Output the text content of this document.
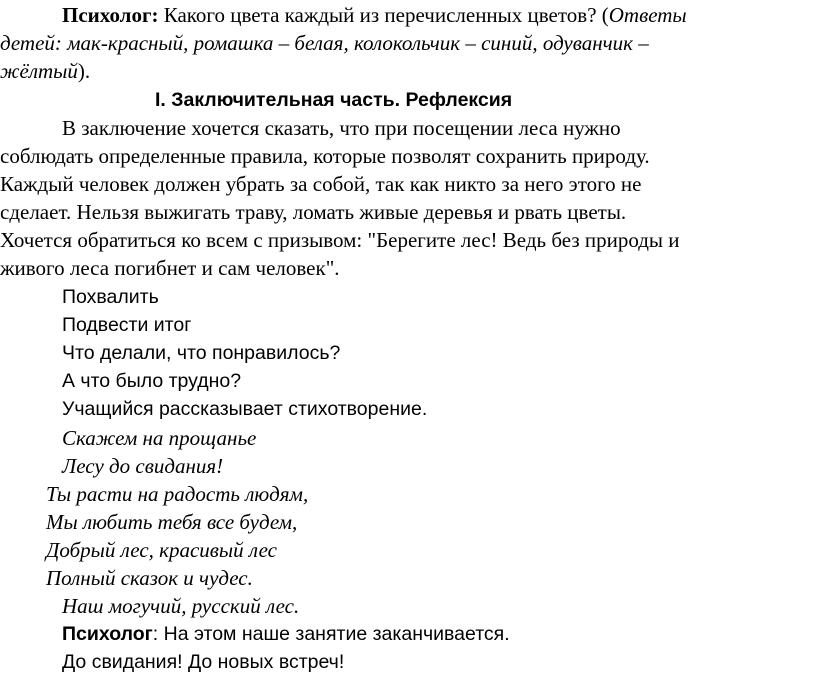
Психолог: Какого цвета каждый из перечисленных цветов? (Ответы
детей: мак-красный, ромашка – белая, колокольчик – синий, одуванчик –
жёлтый).
I. Заключительная часть. Рефлексия
В заключение хочется сказать, что при посещении леса нужно
соблюдать определенные правила, которые позволят сохранить природу.
Каждый человек должен убрать за собой, так как никто за него этого не
сделает. Нельзя выжигать траву, ломать живые деревья и рвать цветы.
Хочется обратиться ко всем с призывом: "Берегите лес! Ведь без природы и
живого леса погибнет и сам человек".
Похвалить
Подвести итог
Что делали, что понравилось?
А что было трудно?
Учащийся рассказывает стихотворение.
Скажем на прощанье
Лесу до свидания!
Ты расти на радость людям,
Мы любить тебя все будем,
Добрый лес, красивый лес
Полный сказок и чудес.
Наш могучий, русский лес.
Психолог: На этом наше занятие заканчивается.
До свидания! До новых встреч!
